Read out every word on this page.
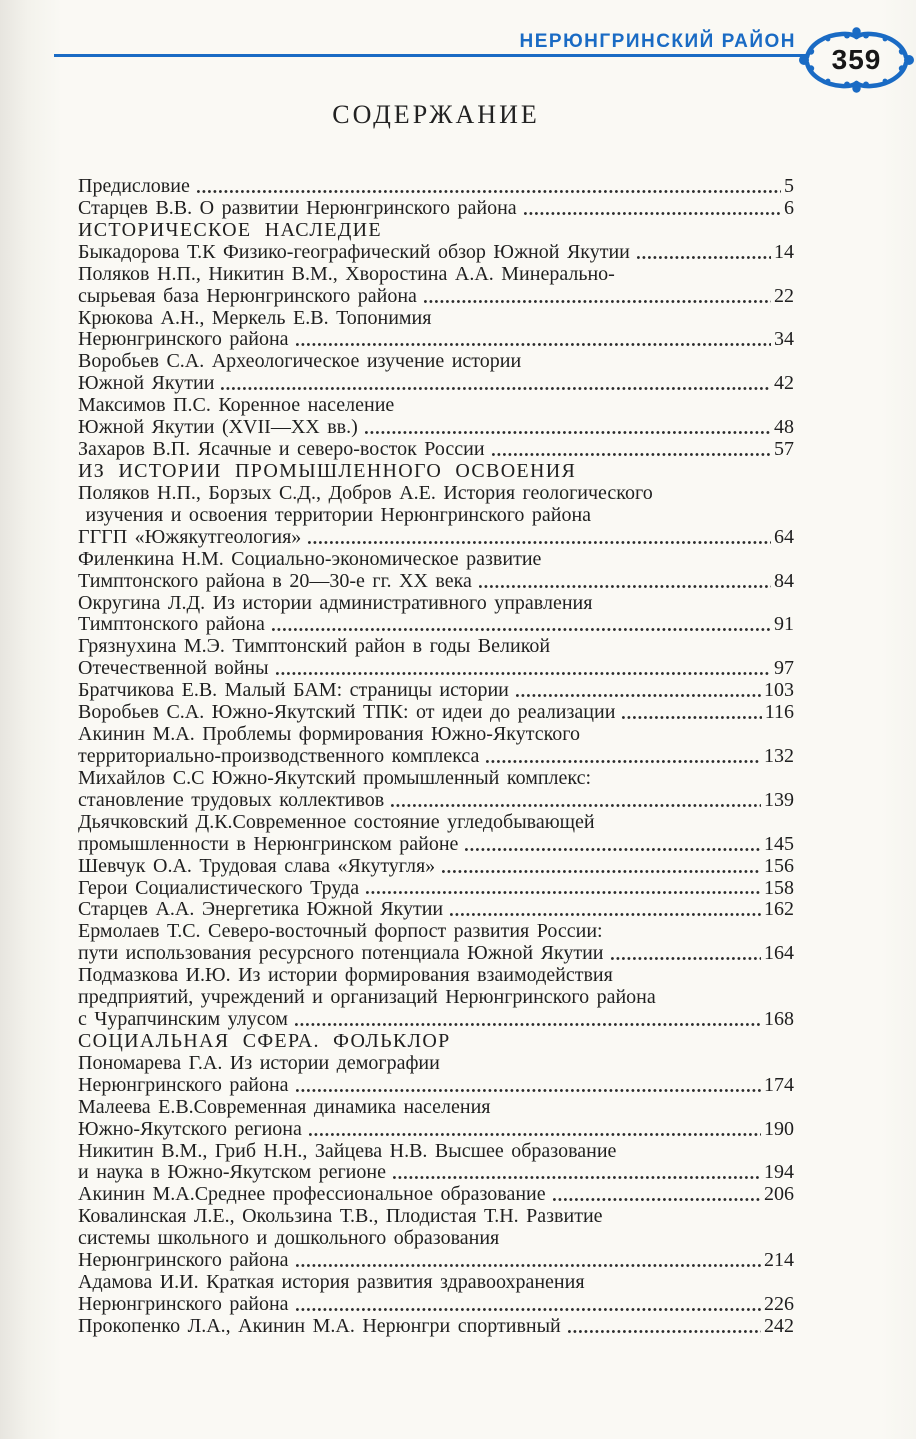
НЕРЮНГРИНСКИЙ РАЙОН
359
СОДЕРЖАНИЕ
Предисловие	5
Старцев В.В. О развитии Нерюнгринского района	6
ИСТОРИЧЕСКОЕ НАСЛЕДИЕ
Быкадорова Т.К Физико-географический обзор Южной Якутии	14
Поляков Н.П., Никитин В.М., Хворостина А.А. Минерально-
сырьевая база Нерюнгринского района	22
Крюкова А.Н., Меркель Е.В. Топонимия
Нерюнгринского района	34
Воробьев С.А. Археологическое изучение истории
Южной Якутии	42
Максимов П.С. Коренное население
Южной Якутии (XVII—XX вв.)	48
Захаров В.П. Ясачные и северо-восток России	57
ИЗ ИСТОРИИ ПРОМЫШЛЕННОГО ОСВОЕНИЯ
Поляков Н.П., Борзых С.Д., Добров А.Е. История геологического
изучения и освоения территории Нерюнгринского района
ГГГП «Южякутгеология»	64
Филенкина Н.М. Социально-экономическое развитие
Тимптонского района в 20—30-е гг. XX века	84
Округина Л.Д. Из истории административного управления
Тимптонского района	91
Грязнухина М.Э. Тимптонский район в годы Великой
Отечественной войны	97
Братчикова Е.В. Малый БАМ: страницы истории	103
Воробьев С.А. Южно-Якутский ТПК: от идеи до реализации	116
Акинин М.А. Проблемы формирования Южно-Якутского
территориально-производственного комплекса	132
Михайлов С.С Южно-Якутский промышленный комплекс:
становление трудовых коллективов	139
Дьячковский Д.К.Современное состояние угледобывающей
промышленности в Нерюнгринском районе	145
Шевчук О.А. Трудовая слава «Якутугля»	156
Герои Социалистического Труда	158
Старцев А.А. Энергетика Южной Якутии	162
Ермолаев Т.С. Северо-восточный форпост развития России:
пути использования ресурсного потенциала Южной Якутии	164
Подмазкова И.Ю. Из истории формирования взаимодействия
предприятий, учреждений и организаций Нерюнгринского района
с Чурапчинским улусом	168
СОЦИАЛЬНАЯ СФЕРА. ФОЛЬКЛОР
Пономарева Г.А. Из истории демографии
Нерюнгринского района	174
Малеева Е.В.Современная динамика населения
Южно-Якутского региона	190
Никитин В.М., Гриб Н.Н., Зайцева Н.В. Высшее образование
и наука в Южно-Якутском регионе	194
Акинин М.А.Среднее профессиональное образование	206
Ковалинская Л.Е., Окользина Т.В., Плодистая Т.Н. Развитие
системы школьного и дошкольного образования
Нерюнгринского района	214
Адамова И.И. Краткая история развития здравоохранения
Нерюнгринского района	226
Прокопенко Л.А., Акинин М.А. Нерюнгри спортивный	242
